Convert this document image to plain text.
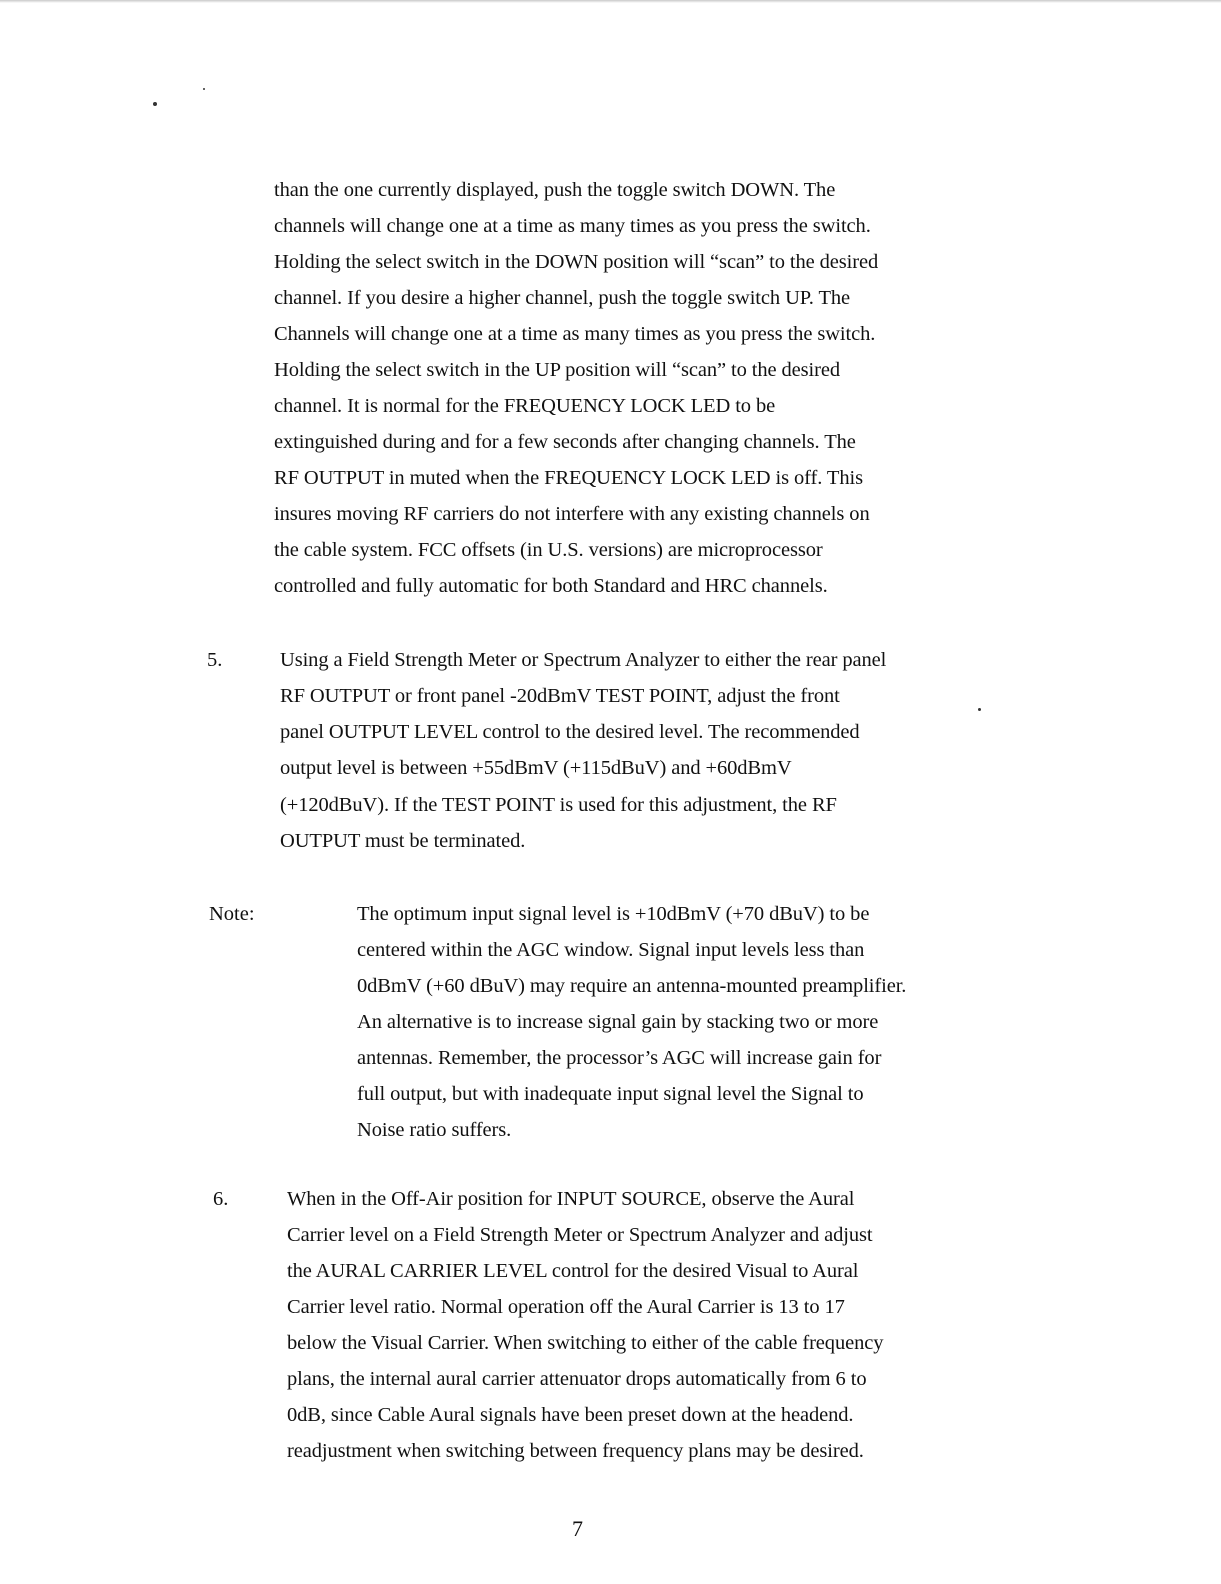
than the one currently displayed, push the toggle switch DOWN. The
channels will change one at a time as many times as you press the switch.
Holding the select switch in the DOWN position will “scan” to the desired
channel. If you desire a higher channel, push the toggle switch UP. The
Channels will change one at a time as many times as you press the switch.
Holding the select switch in the UP position will “scan” to the desired
channel. It is normal for the FREQUENCY LOCK LED to be
extinguished during and for a few seconds after changing channels. The
RF OUTPUT in muted when the FREQUENCY LOCK LED is off. This
insures moving RF carriers do not interfere with any existing channels on
the cable system. FCC offsets (in U.S. versions) are microprocessor
controlled and fully automatic for both Standard and HRC channels.
5.	Using a Field Strength Meter or Spectrum Analyzer to either the rear panel
RF OUTPUT or front panel -20dBmV TEST POINT, adjust the front
panel OUTPUT LEVEL control to the desired level. The recommended
output level is between +55dBmV (+115dBuV) and +60dBmV
(+120dBuV). If the TEST POINT is used for this adjustment, the RF
OUTPUT must be terminated.
Note:	The optimum input signal level is +10dBmV (+70 dBuV) to be
centered within the AGC window. Signal input levels less than
0dBmV (+60 dBuV) may require an antenna-mounted preamplifier.
An alternative is to increase signal gain by stacking two or more
antennas. Remember, the processor’s AGC will increase gain for
full output, but with inadequate input signal level the Signal to
Noise ratio suffers.
6.	When in the Off-Air position for INPUT SOURCE, observe the Aural
Carrier level on a Field Strength Meter or Spectrum Analyzer and adjust
the AURAL CARRIER LEVEL control for the desired Visual to Aural
Carrier level ratio. Normal operation off the Aural Carrier is 13 to 17
below the Visual Carrier. When switching to either of the cable frequency
plans, the internal aural carrier attenuator drops automatically from 6 to
0dB, since Cable Aural signals have been preset down at the headend.
readjustment when switching between frequency plans may be desired.
7
